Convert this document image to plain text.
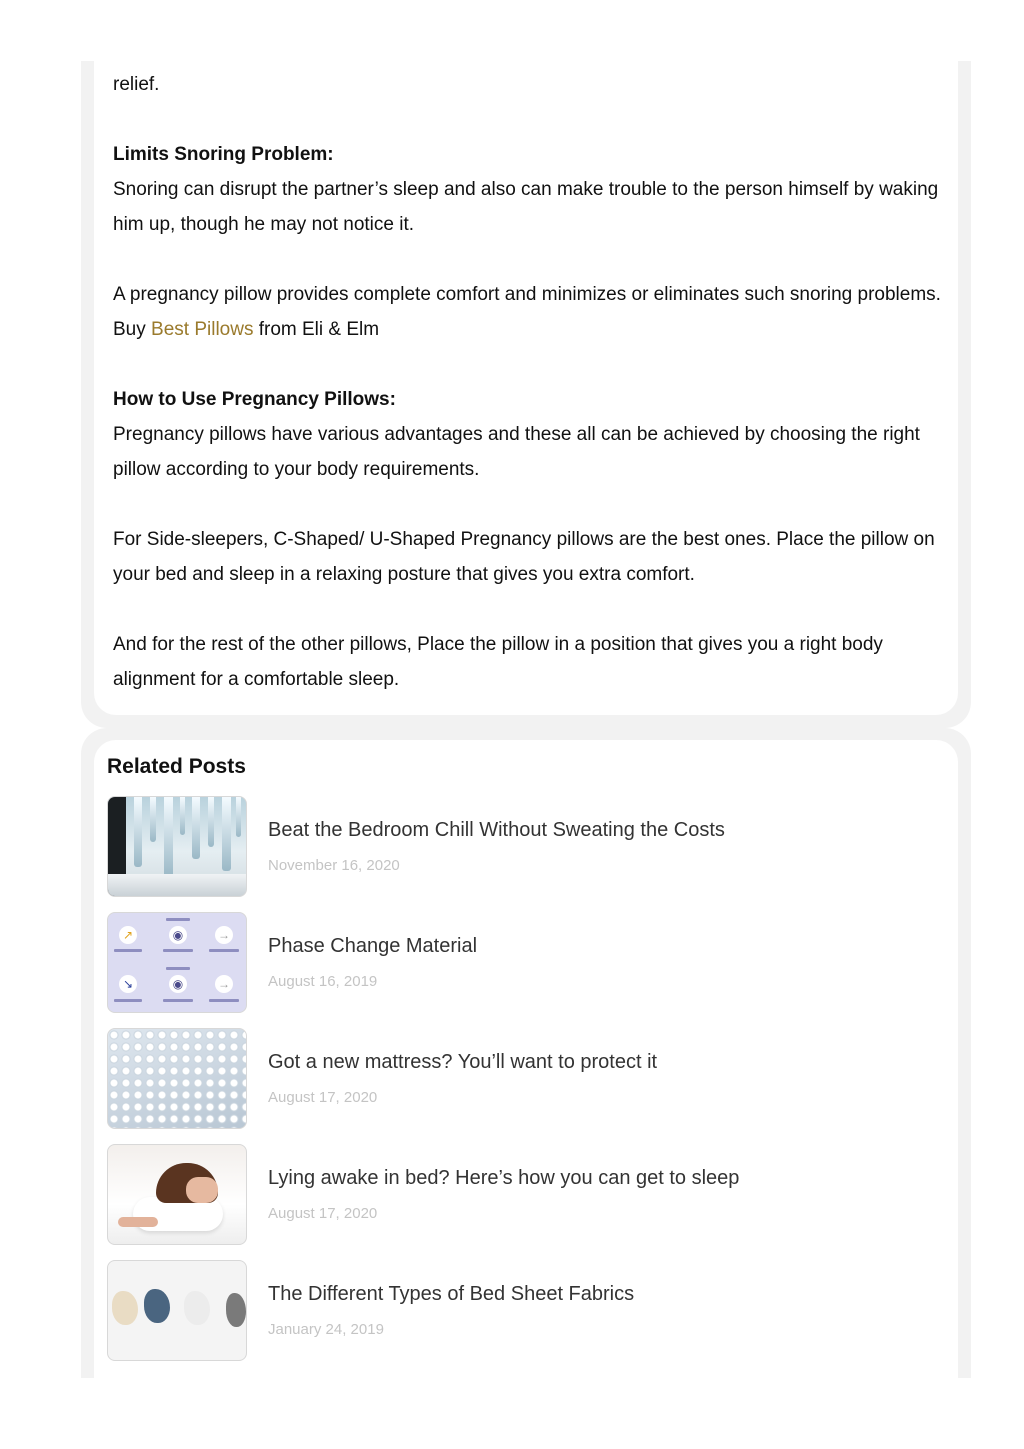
relief.

Limits Snoring Problem:
Snoring can disrupt the partner’s sleep and also can make trouble to the person himself by waking him up, though he may not notice it.

A pregnancy pillow provides complete comfort and minimizes or eliminates such snoring problems. Buy Best Pillows from Eli & Elm

How to Use Pregnancy Pillows:
Pregnancy pillows have various advantages and these all can be achieved by choosing the right pillow according to your body requirements.

For Side-sleepers, C-Shaped/ U-Shaped Pregnancy pillows are the best ones. Place the pillow on your bed and sleep in a relaxing posture that gives you extra comfort.

And for the rest of the other pillows, Place the pillow in a position that gives you a right body alignment for a comfortable sleep.

Related Posts
Beat the Bedroom Chill Without Sweating the Costs
November 16, 2020
↗	◉	→
↘	◉	→
Phase Change Material
August 16, 2019
Got a new mattress? You’ll want to protect it
August 17, 2020
Lying awake in bed? Here’s how you can get to sleep
August 17, 2020
The Different Types of Bed Sheet Fabrics
January 24, 2019
